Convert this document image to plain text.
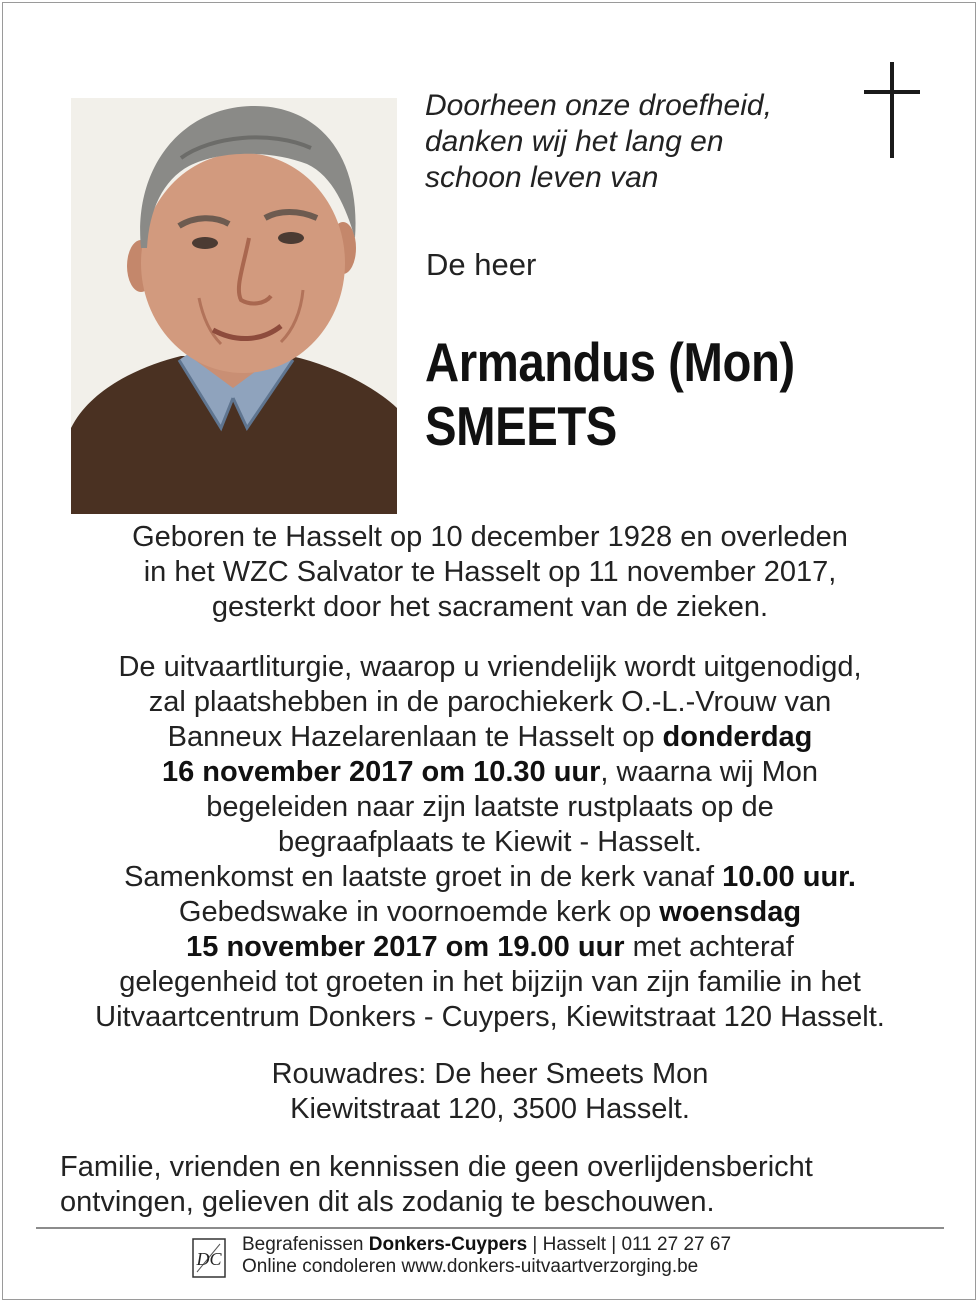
Doorheen onze droefheid,
danken wij het lang en
schoon leven van
De heer
Armandus (Mon)
SMEETS
Geboren te Hasselt op 10 december 1928 en overleden
in het WZC Salvator te Hasselt op 11 november 2017,
gesterkt door het sacrament van de zieken.
De uitvaartliturgie, waarop u vriendelijk wordt uitgenodigd,
zal plaatshebben in de parochiekerk O.-L.-Vrouw van
Banneux Hazelarenlaan te Hasselt op donderdag
16 november 2017 om 10.30 uur, waarna wij Mon
begeleiden naar zijn laatste rustplaats op de
begraafplaats te Kiewit - Hasselt.
Samenkomst en laatste groet in de kerk vanaf 10.00 uur.
Gebedswake in voornoemde kerk op woensdag
15 november 2017 om 19.00 uur met achteraf
gelegenheid tot groeten in het bijzijn van zijn familie in het
Uitvaartcentrum Donkers - Cuypers, Kiewitstraat 120 Hasselt.
Rouwadres: De heer Smeets Mon
Kiewitstraat 120, 3500 Hasselt.
Familie, vrienden en kennissen die geen overlijdensbericht
ontvingen, gelieven dit als zodanig te beschouwen.
DC
Begrafenissen Donkers-Cuypers | Hasselt | 011 27 27 67
Online condoleren www.donkers-uitvaartverzorging.be
